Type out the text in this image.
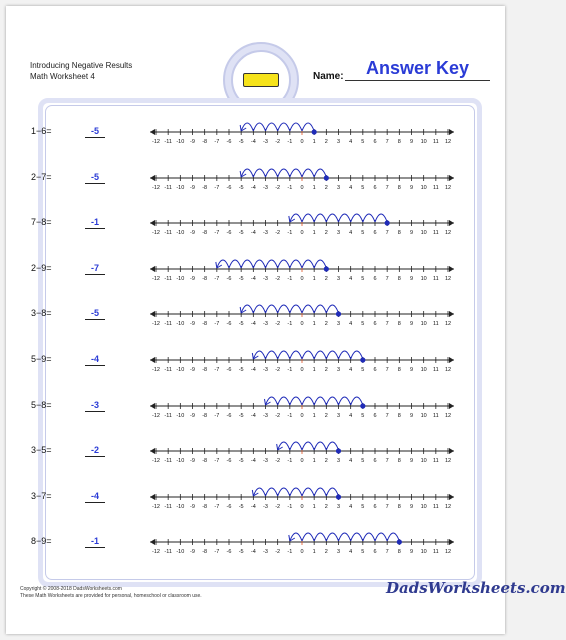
Introducing Negative Results
Math Worksheet 4	Name:	Answer Key
1−6=	-5
-12 -11 -10 -9 -8 -7 -6 -5 -4 -3 -2 -1 0 1 2 3 4 5 6 7 8 9 10 11 12
2−7=	-5
-12 -11 -10 -9 -8 -7 -6 -5 -4 -3 -2 -1 0 1 2 3 4 5 6 7 8 9 10 11 12
7−8=	-1
-12 -11 -10 -9 -8 -7 -6 -5 -4 -3 -2 -1 0 1 2 3 4 5 6 7 8 9 10 11 12
2−9=	-7
-12 -11 -10 -9 -8 -7 -6 -5 -4 -3 -2 -1 0 1 2 3 4 5 6 7 8 9 10 11 12
3−8=	-5
-12 -11 -10 -9 -8 -7 -6 -5 -4 -3 -2 -1 0 1 2 3 4 5 6 7 8 9 10 11 12
5−9=	-4
-12 -11 -10 -9 -8 -7 -6 -5 -4 -3 -2 -1 0 1 2 3 4 5 6 7 8 9 10 11 12
5−8=	-3
-12 -11 -10 -9 -8 -7 -6 -5 -4 -3 -2 -1 0 1 2 3 4 5 6 7 8 9 10 11 12
3−5=	-2
-12 -11 -10 -9 -8 -7 -6 -5 -4 -3 -2 -1 0 1 2 3 4 5 6 7 8 9 10 11 12
3−7=	-4
-12 -11 -10 -9 -8 -7 -6 -5 -4 -3 -2 -1 0 1 2 3 4 5 6 7 8 9 10 11 12
8−9=	-1
-12 -11 -10 -9 -8 -7 -6 -5 -4 -3 -2 -1 0 1 2 3 4 5 6 7 8 9 10 11 12
Copyright © 2008-2018 DadsWorksheets.com
These Math Worksheets are provided for personal, homeschool or classroom use.	DadsWorksheets.com
